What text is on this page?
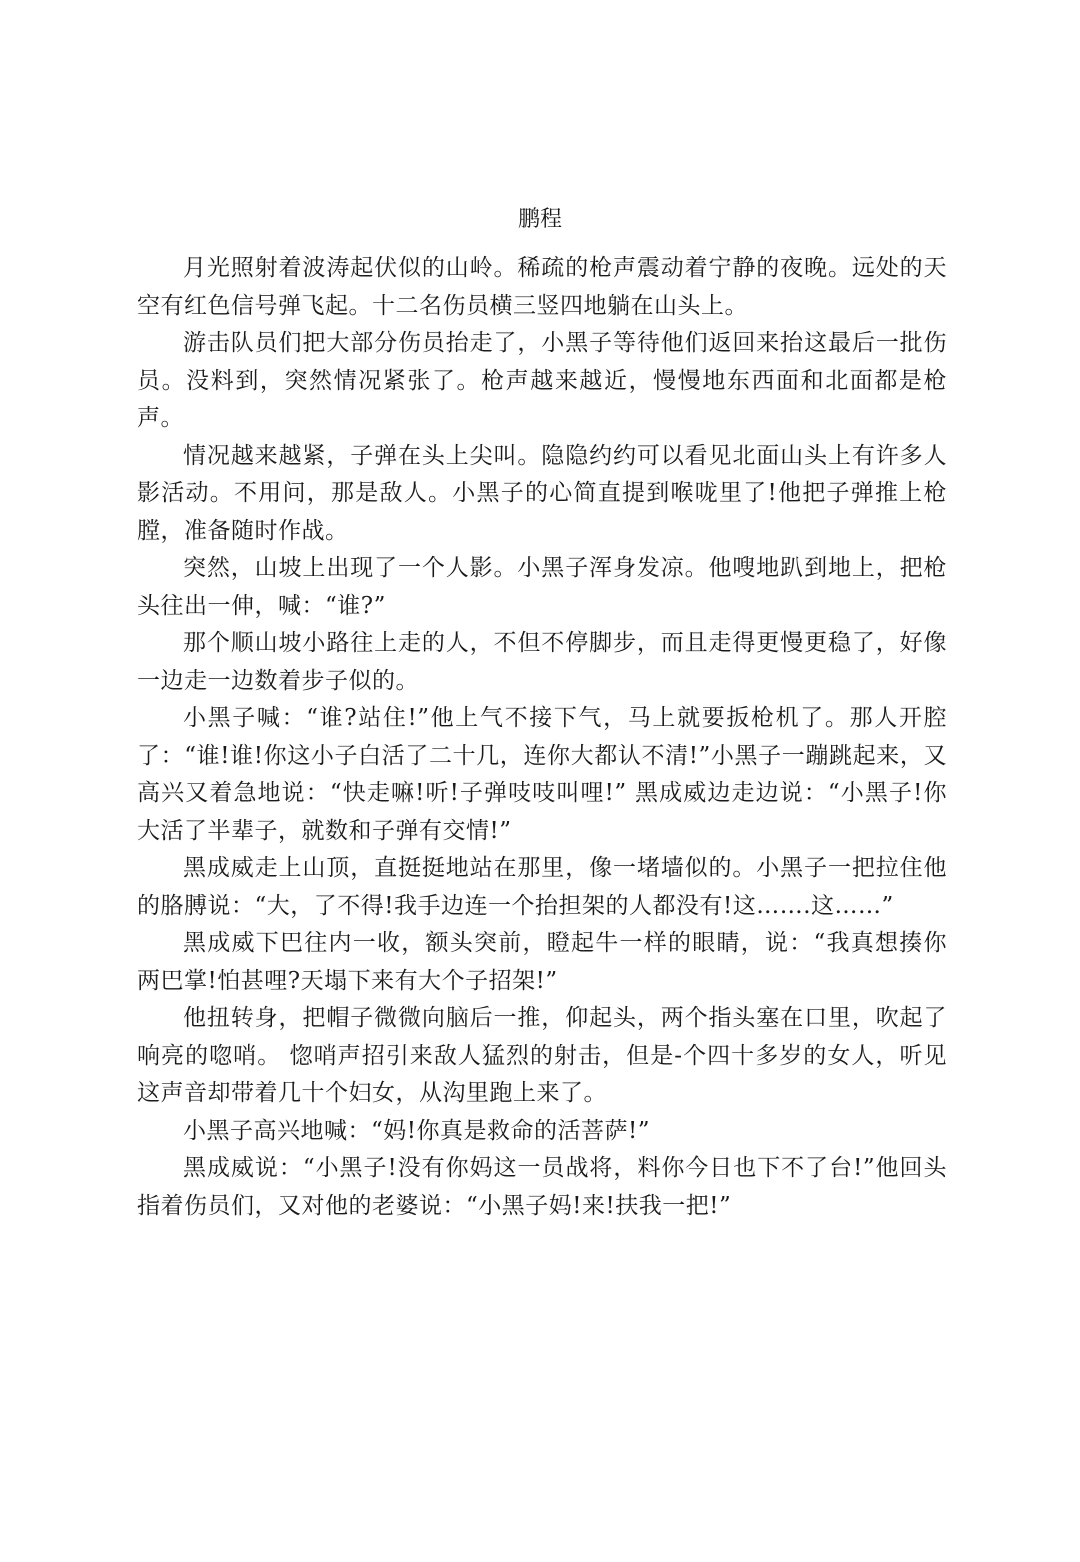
鹏程

月光照射着波涛起伏似的山岭。稀疏的枪声震动着宁静的夜晚。远处的天空有红色信号弹飞起。十二名伤员横三竖四地躺在山头上。

游击队员们把大部分伤员抬走了，小黑子等待他们返回来抬这最后一批伤员。没料到，突然情况紧张了。枪声越来越近，慢慢地东西面和北面都是枪声。

情况越来越紧，子弹在头上尖叫。隐隐约约可以看见北面山头上有许多人影活动。不用问，那是敌人。小黑子的心简直提到喉咙里了!他把子弹推上枪膛，准备随时作战。

突然，山坡上出现了一个人影。小黑子浑身发凉。他嗖地趴到地上，把枪头往出一伸，喊：“谁?”

那个顺山坡小路往上走的人，不但不停脚步，而且走得更慢更稳了，好像一边走一边数着步子似的。

小黑子喊：“谁?站住!”他上气不接下气，马上就要扳枪机了。那人开腔了：“谁!谁!你这小子白活了二十几，连你大都认不清!”小黑子一蹦跳起来，又高兴又着急地说：“快走嘛!听!子弹吱吱叫哩!” 黑成威边走边说：“小黑子!你大活了半辈子，就数和子弹有交情!”

黑成威走上山顶，直挺挺地站在那里，像一堵墙似的。小黑子一把拉住他的胳膊说：“大，了不得!我手边连一个抬担架的人都没有!这…….这……”

黑成威下巴往内一收，额头突前，瞪起牛一样的眼睛，说：“我真想揍你两巴掌!怕甚哩?天塌下来有大个子招架!”

他扭转身，把帽子微微向脑后一推，仰起头，两个指头塞在口里，吹起了响亮的唿哨。 惚哨声招引来敌人猛烈的射击，但是-个四十多岁的女人，听见这声音却带着几十个妇女，从沟里跑上来了。

小黑子高兴地喊：“妈!你真是救命的活菩萨!”

黑成威说：“小黑子!没有你妈这一员战将，料你今日也下不了台!”他回头指着伤员们，又对他的老婆说：“小黑子妈!来!扶我一把!”
